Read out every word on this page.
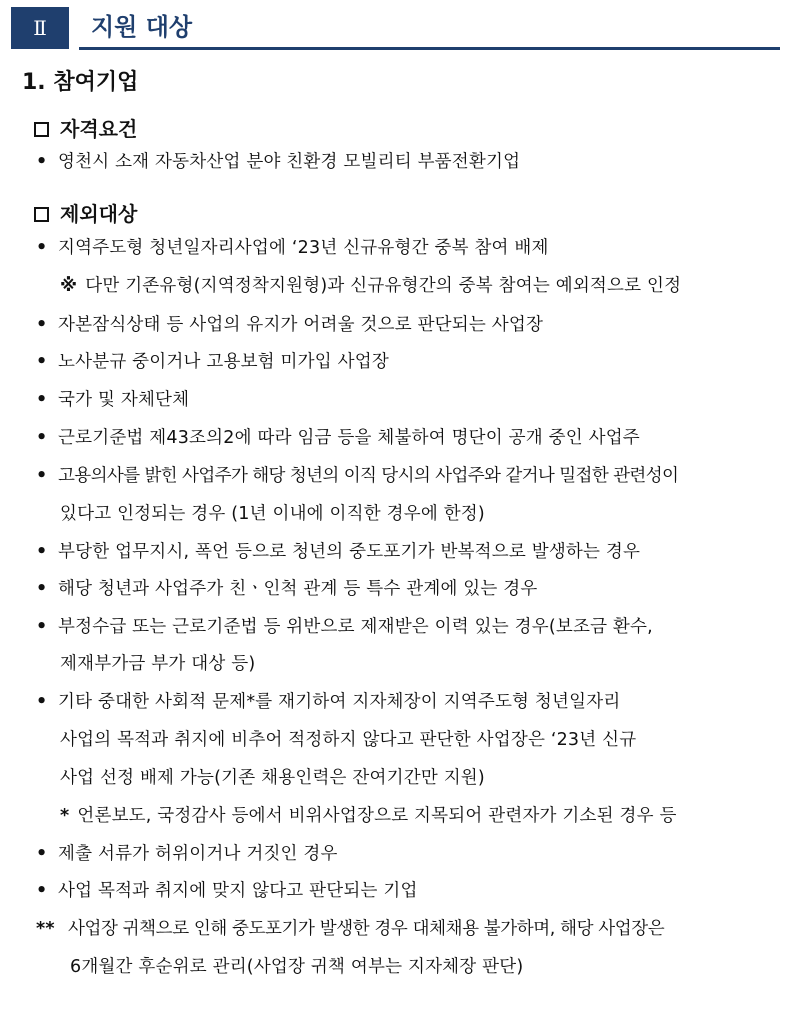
Ⅱ	지원 대상
1. 참여기업
자격요건
• 영천시 소재 자동차산업 분야 친환경 모빌리티 부품전환기업
제외대상
• 지역주도형 청년일자리사업에 ‘23년 신규유형간 중복 참여 배제
※ 다만 기존유형(지역정착지원형)과 신규유형간의 중복 참여는 예외적으로 인정
• 자본잠식상태 등 사업의 유지가 어려울 것으로 판단되는 사업장
• 노사분규 중이거나 고용보험 미가입 사업장
• 국가 및 자체단체
• 근로기준법 제43조의2에 따라 임금 등을 체불하여 명단이 공개 중인 사업주
• 고용의사를 밝힌 사업주가 해당 청년의 이직 당시의 사업주와 같거나 밀접한 관련성이
있다고 인정되는 경우 (1년 이내에 이직한 경우에 한정)
• 부당한 업무지시, 폭언 등으로 청년의 중도포기가 반복적으로 발생하는 경우
• 해당 청년과 사업주가 친ㆍ인척 관계 등 특수 관계에 있는 경우
• 부정수급 또는 근로기준법 등 위반으로 제재받은 이력 있는 경우(보조금 환수,
제재부가금 부가 대상 등)
• 기타 중대한 사회적 문제*를 재기하여 지자체장이 지역주도형 청년일자리
사업의 목적과 취지에 비추어 적정하지 않다고 판단한 사업장은 ‘23년 신규
사업 선정 배제 가능(기존 채용인력은 잔여기간만 지원)
* 언론보도, 국정감사 등에서 비위사업장으로 지목되어 관련자가 기소된 경우 등
• 제출 서류가 허위이거나 거짓인 경우
• 사업 목적과 취지에 맞지 않다고 판단되는 기업
** 사업장 귀책으로 인해 중도포기가 발생한 경우 대체채용 불가하며, 해당 사업장은
6개월간 후순위로 관리(사업장 귀책 여부는 지자체장 판단)
